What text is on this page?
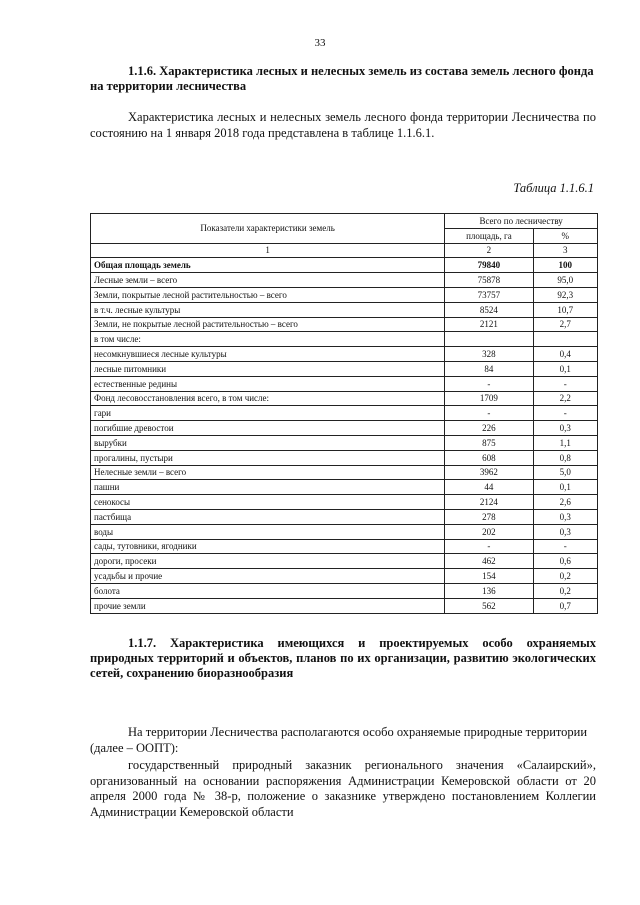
33
1.1.6. Характеристика лесных и нелесных земель из состава земель лесного фонда на территории лесничества

Характеристика лесных и нелесных земель лесного фонда территории Лесничества по состоянию на 1 января 2018 года представлена в таблице 1.1.6.1.

Таблица 1.1.6.1
Показатели характеристики земель	Всего по лесничеству	
	площадь, га	%
1	2	3
Общая площадь земель	79840	100
Лесные земли – всего	75878	95,0
Земли, покрытые лесной растительностью – всего	73757	92,3
в т.ч. лесные культуры	8524	10,7
Земли, не покрытые лесной растительностью – всего	2121	2,7
в том числе:		
несомкнувшиеся лесные культуры	328	0,4
лесные питомники	84	0,1
естественные редины	-	-
Фонд лесовосстановления всего, в том числе:	1709	2,2
гари	-	-
погибшие древостои	226	0,3
вырубки	875	1,1
прогалины, пустыри	608	0,8
Нелесные земли – всего	3962	5,0
пашни	44	0,1
сенокосы	2124	2,6
пастбища	278	0,3
воды	202	0,3
сады, тутовники, ягодники	-	-
дороги, просеки	462	0,6
усадьбы и прочие	154	0,2
болота	136	0,2
прочие земли	562	0,7
1.1.7. Характеристика имеющихся и проектируемых особо охраняемых природных территорий и объектов, планов по их организации, развитию экологических сетей, сохранению биоразнообразия

На территории Лесничества располагаются особо охраняемые природные территории (далее – ООПТ):

государственный природный заказник регионального значения «Салаирский», организованный на основании распоряжения Администрации Кемеровской области от 20 апреля 2000 года № 38-р, положение о заказнике утверждено постановлением Коллегии Администрации Кемеровской области
